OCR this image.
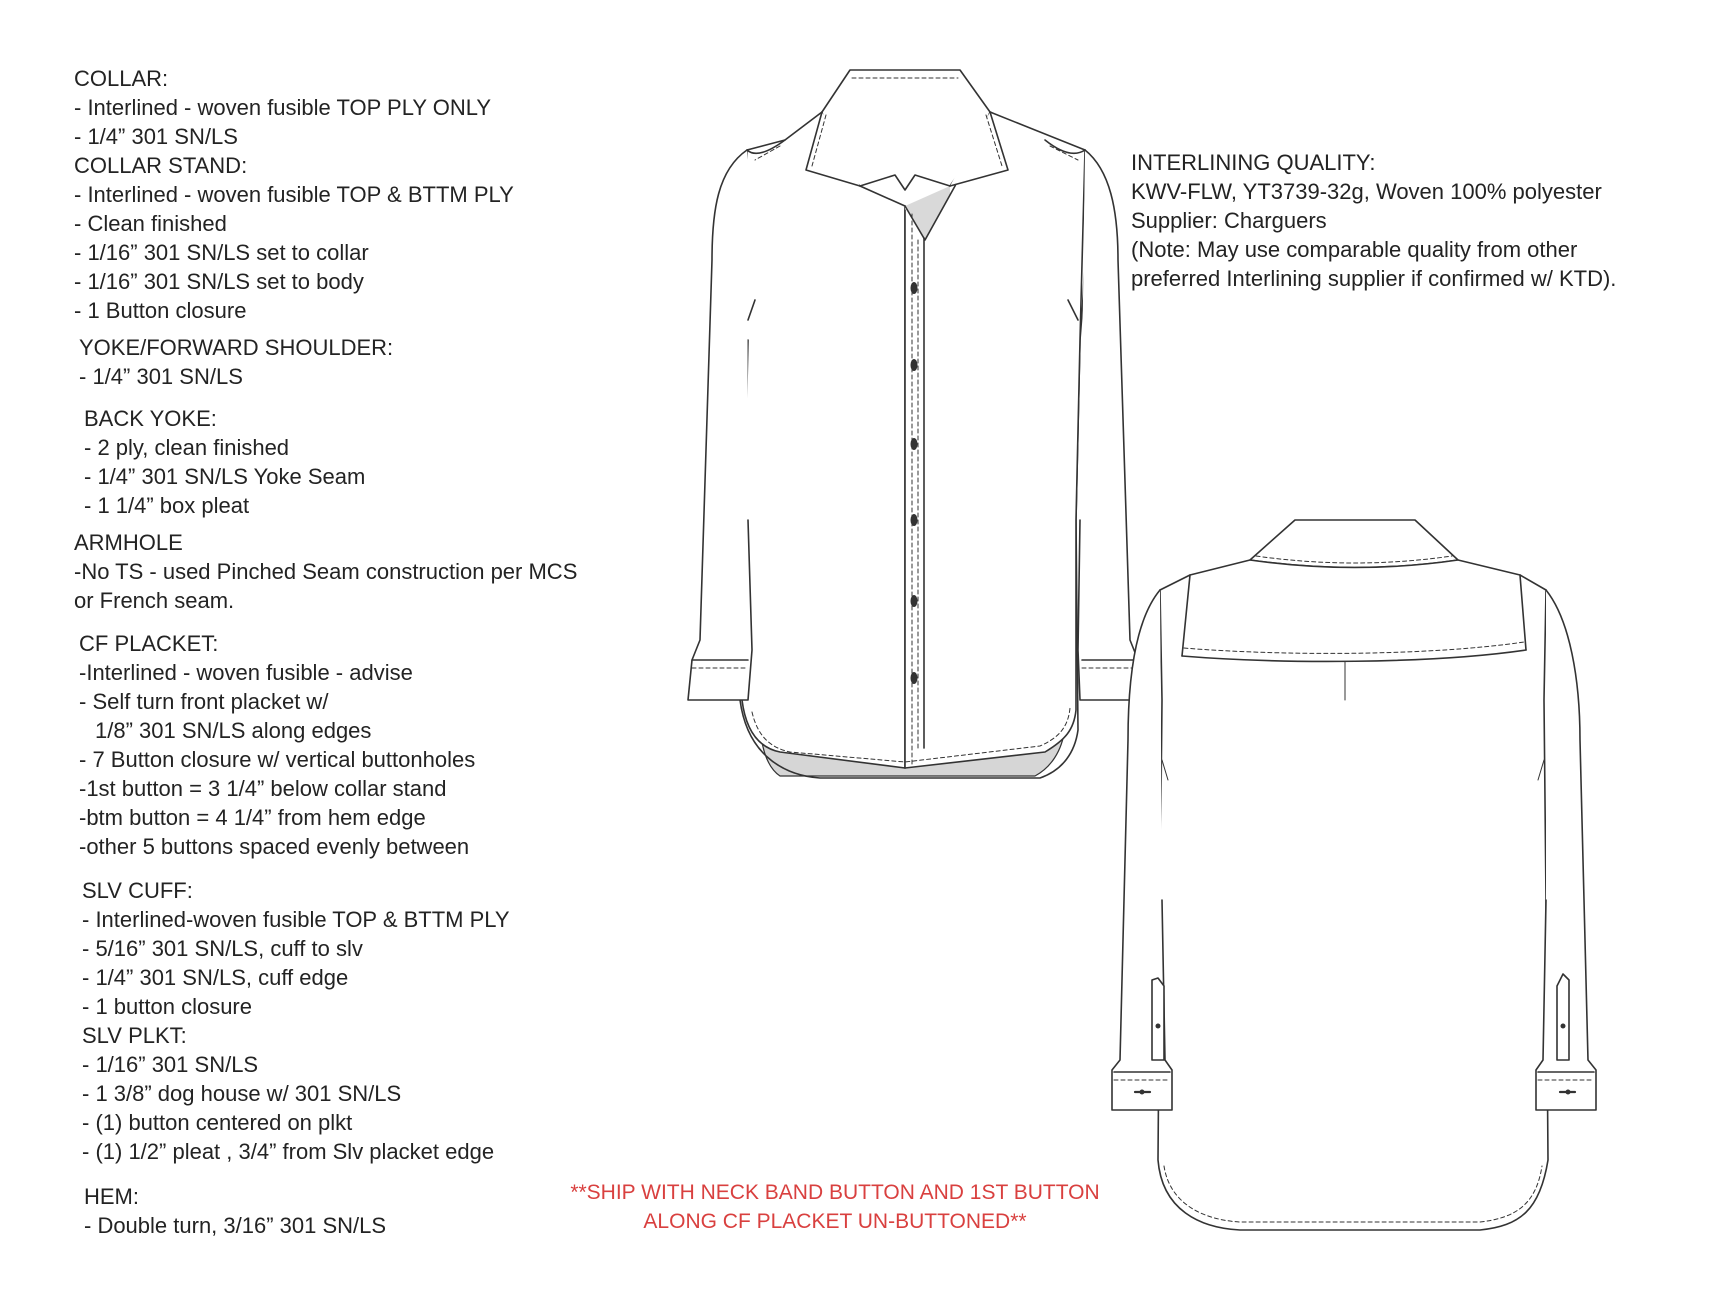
COLLAR:
- Interlined - woven fusible TOP PLY ONLY
- 1/4” 301 SN/LS
COLLAR STAND:
- Interlined - woven fusible TOP & BTTM PLY
- Clean finished
- 1/16” 301 SN/LS set to collar
- 1/16” 301 SN/LS set to body
- 1 Button closure
YOKE/FORWARD SHOULDER:
- 1/4” 301 SN/LS
BACK YOKE:
- 2 ply, clean finished
- 1/4” 301 SN/LS Yoke Seam
- 1 1/4” box pleat
ARMHOLE
-No TS - used Pinched Seam construction per MCS
or French seam.
CF PLACKET:
-Interlined - woven fusible - advise
- Self turn front placket w/
1/8” 301 SN/LS along edges
- 7 Button closure w/ vertical buttonholes
-1st button = 3 1/4” below collar stand
-btm button = 4 1/4” from hem edge
-other 5 buttons spaced evenly between
SLV CUFF:
- Interlined-woven fusible TOP & BTTM PLY
- 5/16” 301 SN/LS, cuff to slv
- 1/4” 301 SN/LS, cuff edge
- 1 button closure
SLV PLKT:
- 1/16” 301 SN/LS
- 1 3/8” dog house w/ 301 SN/LS
- (1) button centered on plkt
- (1) 1/2” pleat , 3/4” from Slv placket edge
HEM:
- Double turn, 3/16” 301 SN/LS
INTERLINING QUALITY:
KWV-FLW, YT3739-32g, Woven 100% polyester
Supplier: Charguers
(Note: May use comparable quality from other
preferred Interlining supplier if confirmed w/ KTD).
**SHIP WITH NECK BAND BUTTON AND 1ST BUTTON
ALONG CF PLACKET UN-BUTTONED**
